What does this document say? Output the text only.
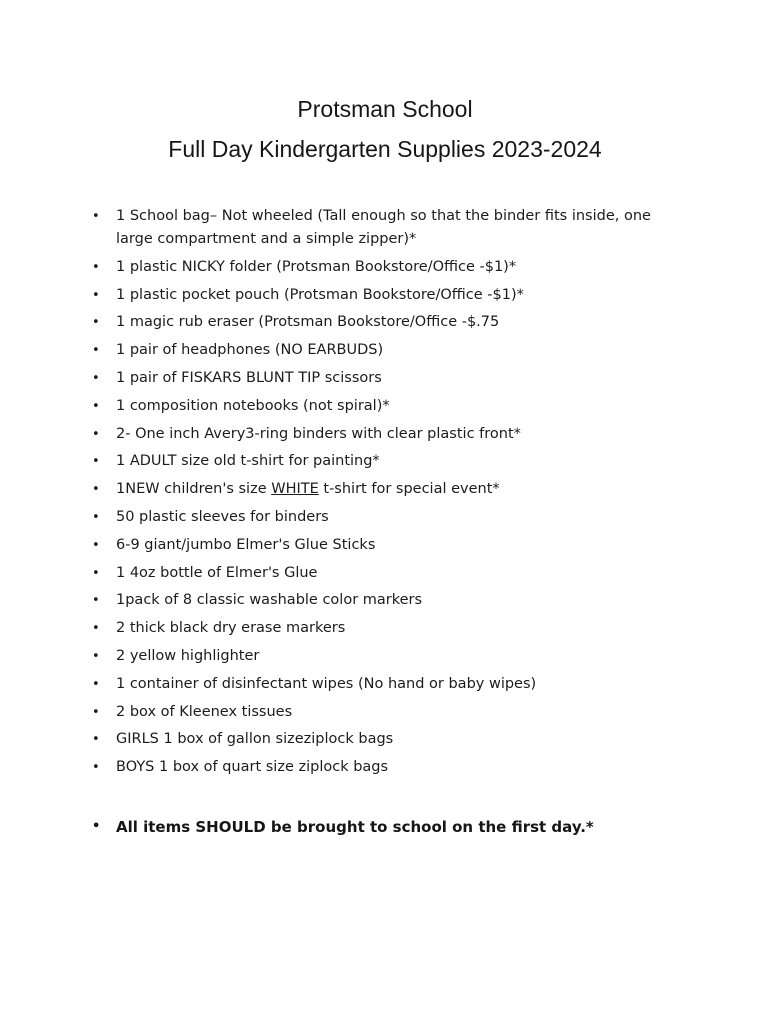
Protsman School
Full Day Kindergarten Supplies 2023-2024
• 1 School bag– Not wheeled (Tall enough so that the binder fits inside, one large compartment and a simple zipper)*
• 1 plastic NICKY folder (Protsman Bookstore/Office -$1)*
• 1 plastic pocket pouch (Protsman Bookstore/Office -$1)*
• 1 magic rub eraser (Protsman Bookstore/Office -$.75
• 1 pair of headphones (NO EARBUDS)
• 1 pair of FISKARS BLUNT TIP scissors
• 1 composition notebooks (not spiral)*
• 2- One inch Avery3-ring binders with clear plastic front*
• 1 ADULT size old t-shirt for painting*
• 1NEW children's size WHITE t-shirt for special event*
• 50 plastic sleeves for binders
• 6-9 giant/jumbo Elmer's Glue Sticks
• 1 4oz bottle of Elmer's Glue
• 1pack of 8 classic washable color markers
• 2 thick black dry erase markers
• 2 yellow highlighter
• 1 container of disinfectant wipes (No hand or baby wipes)
• 2 box of Kleenex tissues
• GIRLS 1 box of gallon sizeziplock bags
• BOYS 1 box of quart size ziplock bags

• All items SHOULD be brought to school on the first day.*
